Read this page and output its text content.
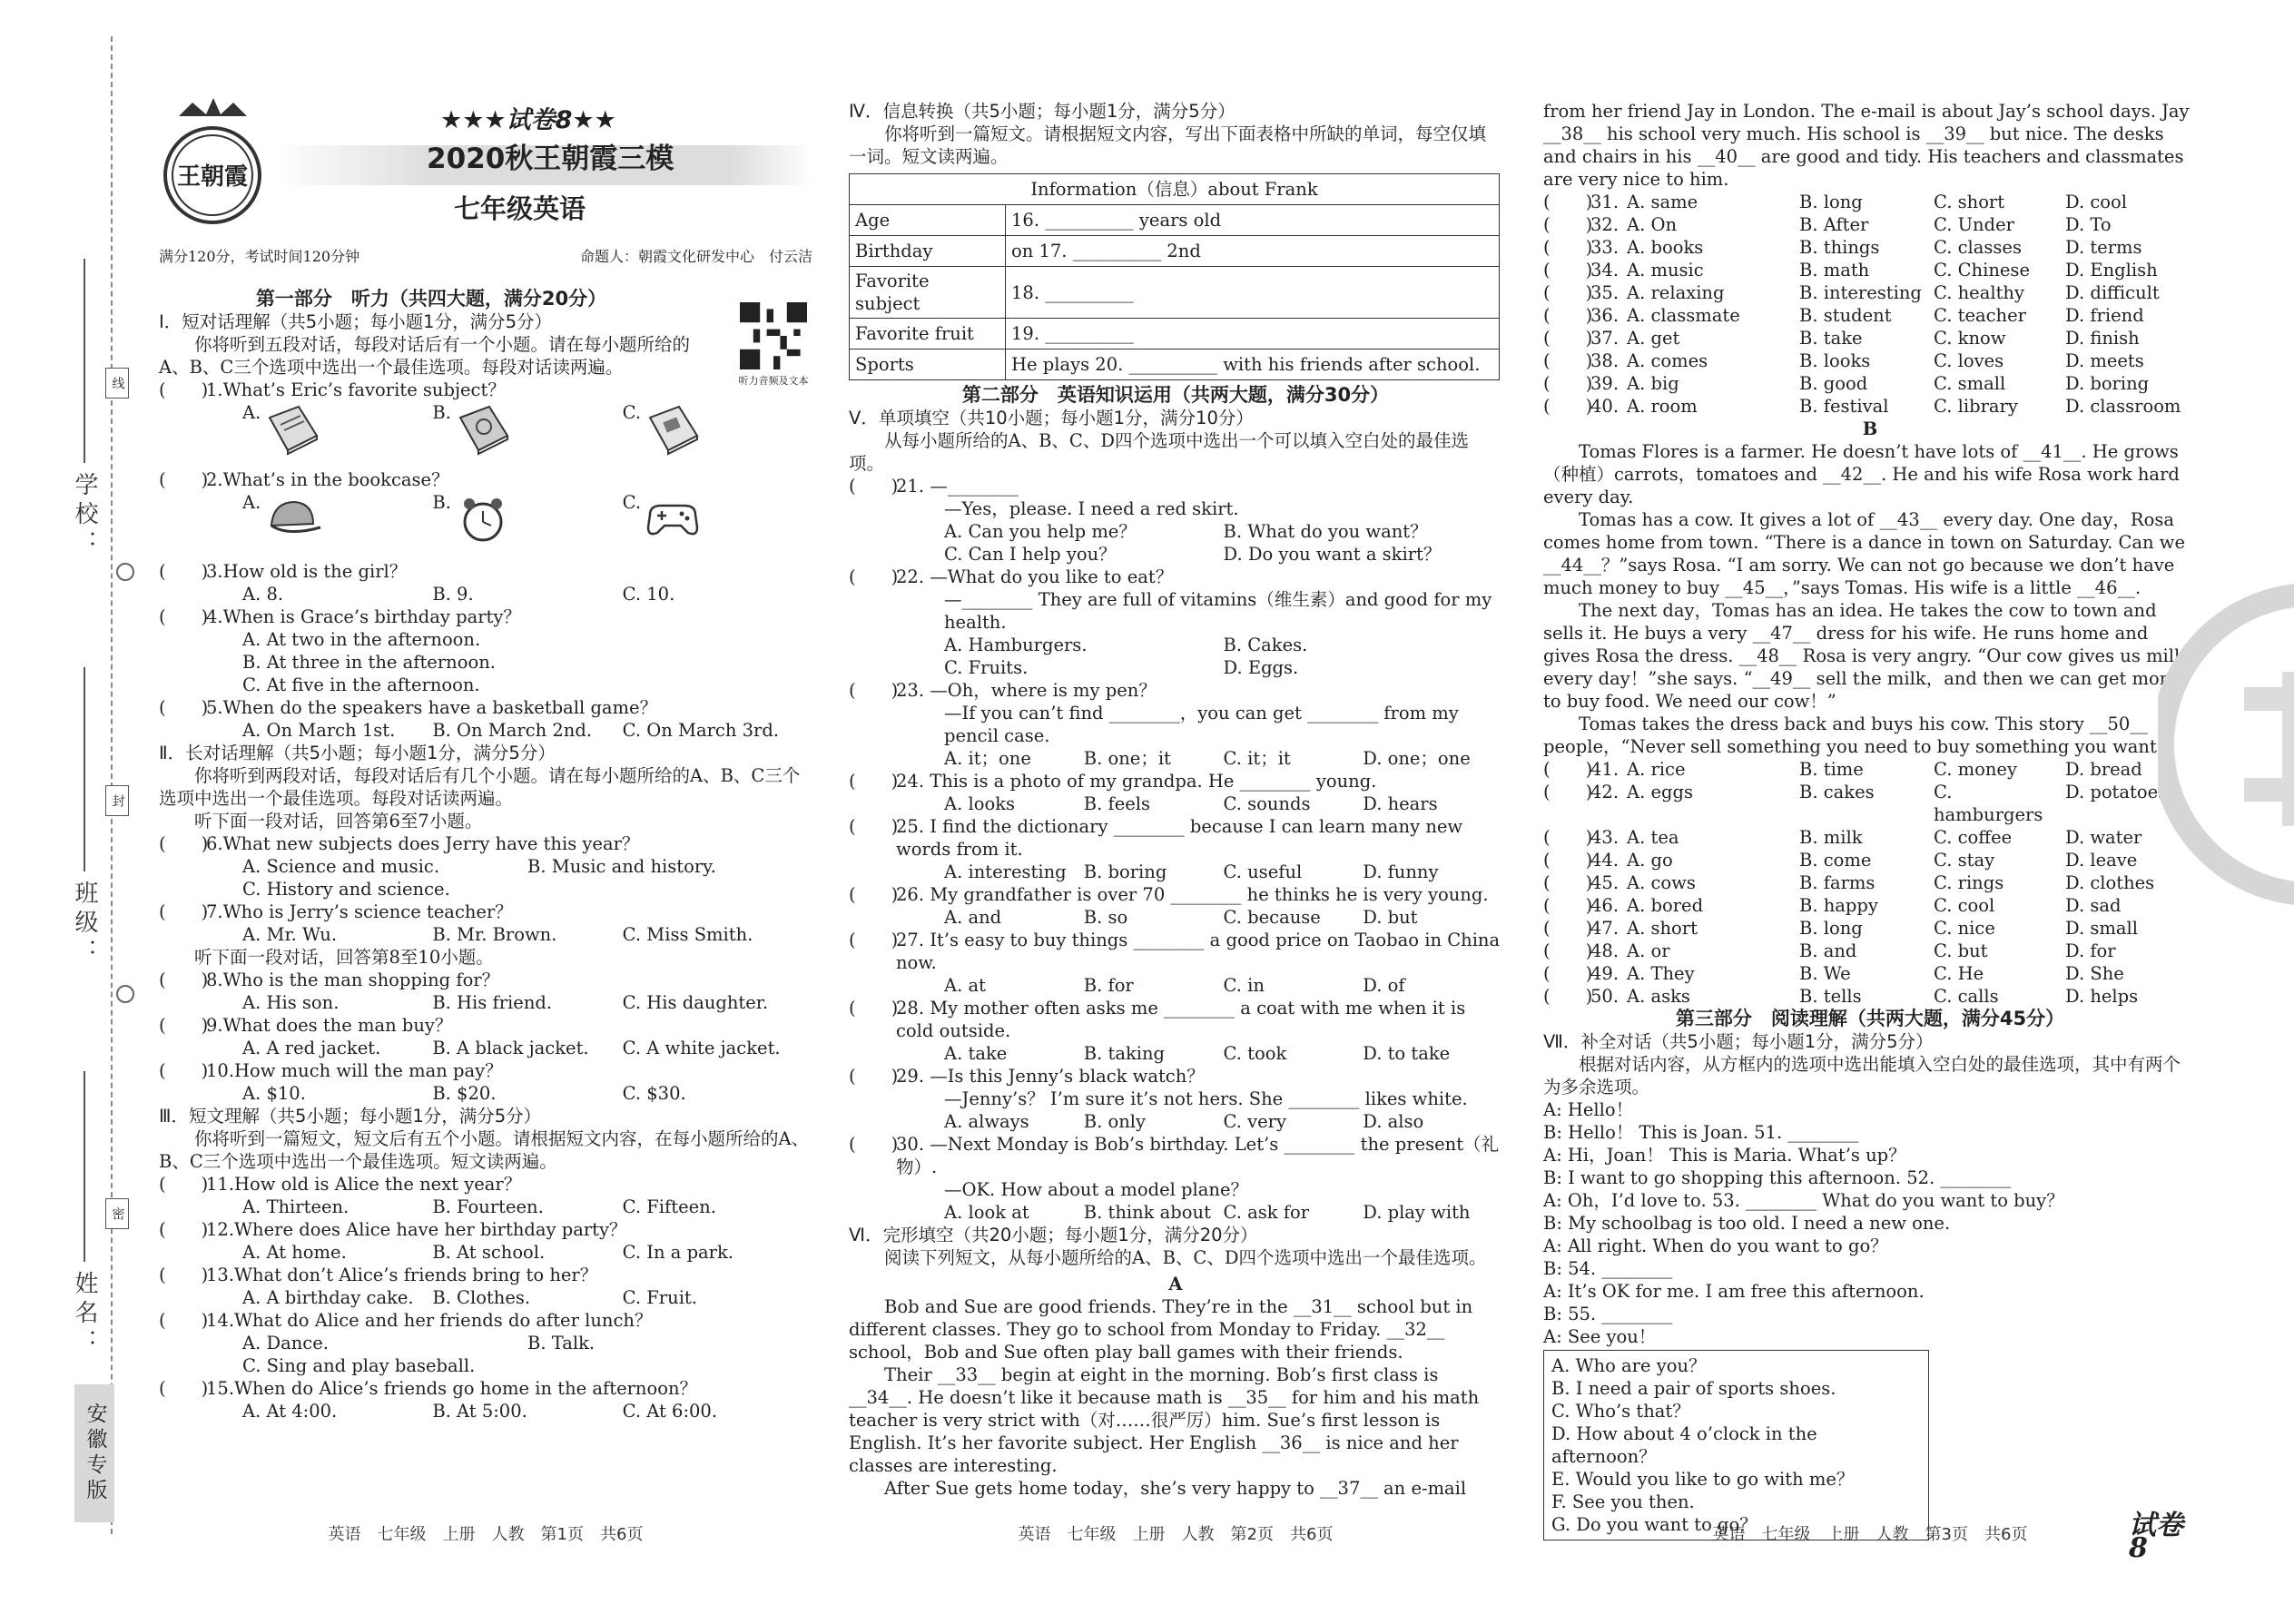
学校：
班级：
姓名：
线
封
密
安徽专版
王朝霞
★★★试卷8★★
2020秋王朝霞三模
七年级英语
满分120分，考试时间120分钟	命题人：朝霞文化研发中心　付云洁
第一部分　听力（共四大题，满分20分）
听力音频及文本
Ⅰ．短对话理解（共5小题；每小题1分，满分5分）
你将听到五段对话，每段对话后有一个小题。请在每小题所给的A、B、C三个选项中选出一个最佳选项。每段对话读两遍。
(　　)
1. What’s Eric’s favorite subject？
A.	B.	C.
(　　)
2. What’s in the bookcase？
A.	B.	C.
(　　)
3. How old is the girl？
A. 8.	B. 9.	C. 10.
(　　)
4. When is Grace’s birthday party？
A. At two in the afternoon.
B. At three in the afternoon.
C. At five in the afternoon.
(　　)
5. When do the speakers have a basketball game？
A. On March 1st.	B. On March 2nd.	C. On March 3rd.
Ⅱ．长对话理解（共5小题；每小题1分，满分5分）
你将听到两段对话，每段对话后有几个小题。请在每小题所给的A、B、C三个选项中选出一个最佳选项。每段对话读两遍。
听下面一段对话，回答第6至7小题。
(　　)
6. What new subjects does Jerry have this year？
A. Science and music.	B. Music and history.
C. History and science.
(　　)
7. Who is Jerry’s science teacher？
A. Mr. Wu.	B. Mr. Brown.	C. Miss Smith.
听下面一段对话，回答第8至10小题。
(　　)
8. Who is the man shopping for？
A. His son.	B. His friend.	C. His daughter.
(　　)
9. What does the man buy？
A. A red jacket.	B. A black jacket.	C. A white jacket.
(　　)
10. How much will the man pay？
A. $10.	B. $20.	C. $30.
Ⅲ．短文理解（共5小题；每小题1分，满分5分）
你将听到一篇短文，短文后有五个小题。请根据短文内容，在每小题所给的A、B、C三个选项中选出一个最佳选项。短文读两遍。
(　　)
11. How old is Alice the next year？
A. Thirteen.	B. Fourteen.	C. Fifteen.
(　　)
12. Where does Alice have her birthday party？
A. At home.	B. At school.	C. In a park.
(　　)
13. What don’t Alice’s friends bring to her？
A. A birthday cake.	B. Clothes.	C. Fruit.
(　　)
14. What do Alice and her friends do after lunch？
A. Dance.	B. Talk.
C. Sing and play baseball.
(　　)
15. When do Alice’s friends go home in the afternoon？
A. At 4:00.	B. At 5:00.	C. At 6:00.
英语　七年级　上册　人教　第1页　共6页
Ⅳ．信息转换（共5小题；每小题1分，满分5分）
你将听到一篇短文。请根据短文内容，写出下面表格中所缺的单词，每空仅填一词。短文读两遍。
Information（信息）about Frank	
Age	16. __________ years old
Birthday	on 17. __________ 2nd
Favorite subject	18. __________
Favorite fruit	19. __________
Sports	He plays 20. __________ with his friends after school.
第二部分　英语知识运用（共两大题，满分30分）
Ⅴ．单项填空（共10小题；每小题1分，满分10分）
从每小题所给的A、B、C、D四个选项中选出一个可以填入空白处的最佳选项。
(　　)
21. —________
—Yes，please. I need a red skirt.
A. Can you help me？	B. What do you want？
C. Can I help you？	D. Do you want a skirt？
(　　)
22. —What do you like to eat？
—________ They are full of vitamins（维生素）and good for my health.
A. Hamburgers.	B. Cakes.
C. Fruits.	D. Eggs.
(　　)
23. —Oh，where is my pen？
—If you can’t find ________，you can get ________ from my pencil case.
A. it；one	B. one；it	C. it；it	D. one；one
(　　)
24. This is a photo of my grandpa. He ________ young.
A. looks	B. feels	C. sounds	D. hears
(　　)
25. I find the dictionary ________ because I can learn many new words from it.
A. interesting B. boring	C. useful	D. funny
(　　)
26. My grandfather is over 70 ________ he thinks he is very young.
A. and	B. so	C. because	D. but
(　　)
27. It’s easy to buy things ________ a good price on Taobao in China now.
A. at	B. for	C. in	D. of
(　　)
28. My mother often asks me ________ a coat with me when it is cold outside.
A. take	B. taking	C. took	D. to take
(　　)
29. —Is this Jenny’s black watch？
—Jenny’s？ I’m sure it’s not hers. She ________ likes white.
A. always	B. only	C. very	D. also
(　　)
30. —Next Monday is Bob’s birthday. Let’s ________ the present（礼物）.
—OK. How about a model plane？
A. look at	B. think about C. ask for	D. play with
Ⅵ．完形填空（共20小题；每小题1分，满分20分）
阅读下列短文，从每小题所给的A、B、C、D四个选项中选出一个最佳选项。
A
Bob and Sue are good friends. They’re in the __31__ school but in different classes. They go to school from Monday to Friday. __32__ school，Bob and Sue often play ball games with their friends.
Their __33__ begin at eight in the morning. Bob’s first class is __34__. He doesn’t like it because math is __35__ for him and his math teacher is very strict with（对……很严厉）him. Sue’s first lesson is English. It’s her favorite subject. Her English __36__ is nice and her classes are interesting.
After Sue gets home today，she’s very happy to __37__ an e-mail
英语　七年级　上册　人教　第2页　共6页
from her friend Jay in London. The e-mail is about Jay’s school days. Jay __38__ his school very much. His school is __39__ but nice. The desks and chairs in his __40__ are good and tidy. His teachers and classmates are very nice to him.
(　　)
31. A. same	B. long	C. short	D. cool
(　　)
32. A. On	B. After	C. Under	D. To
(　　)
33. A. books	B. things	C. classes	D. terms
(　　)
34. A. music	B. math	C. Chinese	D. English
(　　)
35. A. relaxing	B. interesting C. healthy	D. difficult
(　　)
36. A. classmate	B. student	C. teacher	D. friend
(　　)
37. A. get	B. take	C. know	D. finish
(　　)
38. A. comes	B. looks	C. loves	D. meets
(　　)
39. A. big	B. good	C. small	D. boring
(　　)
40. A. room	B. festival	C. library	D. classroom
B
Tomas Flores is a farmer. He doesn’t have lots of __41__. He grows（种植）carrots，tomatoes and __42__. He and his wife Rosa work hard every day.
Tomas has a cow. It gives a lot of __43__ every day. One day，Rosa comes home from town. “There is a dance in town on Saturday. Can we __44__？”says Rosa. “I am sorry. We can not go because we don’t have much money to buy __45__，”says Tomas. His wife is a little __46__.
The next day，Tomas has an idea. He takes the cow to town and sells it. He buys a very __47__ dress for his wife. He runs home and gives Rosa the dress. __48__ Rosa is very angry. “Our cow gives us milk every day！”she says. “__49__ sell the milk，and then we can get money to buy food. We need our cow！”
Tomas takes the dress back and buys his cow. This story __50__ people，“Never sell something you need to buy something you want.”
(　　)
41. A. rice	B. time	C. money	D. bread
(　　)
42. A. eggs	B. cakes	C. hamburgers
D. potatoes
(　　)
43. A. tea	B. milk	C. coffee	D. water
(　　)
44. A. go	B. come	C. stay	D. leave
(　　)
45. A. cows	B. farms	C. rings	D. clothes
(　　)
46. A. bored	B. happy	C. cool	D. sad
(　　)
47. A. short	B. long	C. nice	D. small
(　　)
48. A. or	B. and	C. but	D. for
(　　)
49. A. They	B. We	C. He	D. She
(　　)
50. A. asks	B. tells	C. calls	D. helps
第三部分　阅读理解（共两大题，满分45分）
Ⅶ．补全对话（共5小题；每小题1分，满分5分）
根据对话内容，从方框内的选项中选出能填入空白处的最佳选项，其中有两个为多余选项。
A: Hello！
B: Hello！ This is Joan. 51. ________
A: Hi，Joan！ This is Maria. What’s up？
B: I want to go shopping this afternoon. 52. ________
A: Oh，I’d love to. 53. ________ What do you want to buy？
B: My schoolbag is too old. I need a new one.
A: All right. When do you want to go？
B: 54. ________
A: It’s OK for me. I am free this afternoon.
B: 55. ________
A: See you！
A. Who are you？
B. I need a pair of sports shoes.
C. Who’s that？
D. How about 4 o’clock in the afternoon？
E. Would you like to go with me？
F. See you then.
G. Do you want to go？
英语　七年级　上册　人教　第3页　共6页	试卷8
